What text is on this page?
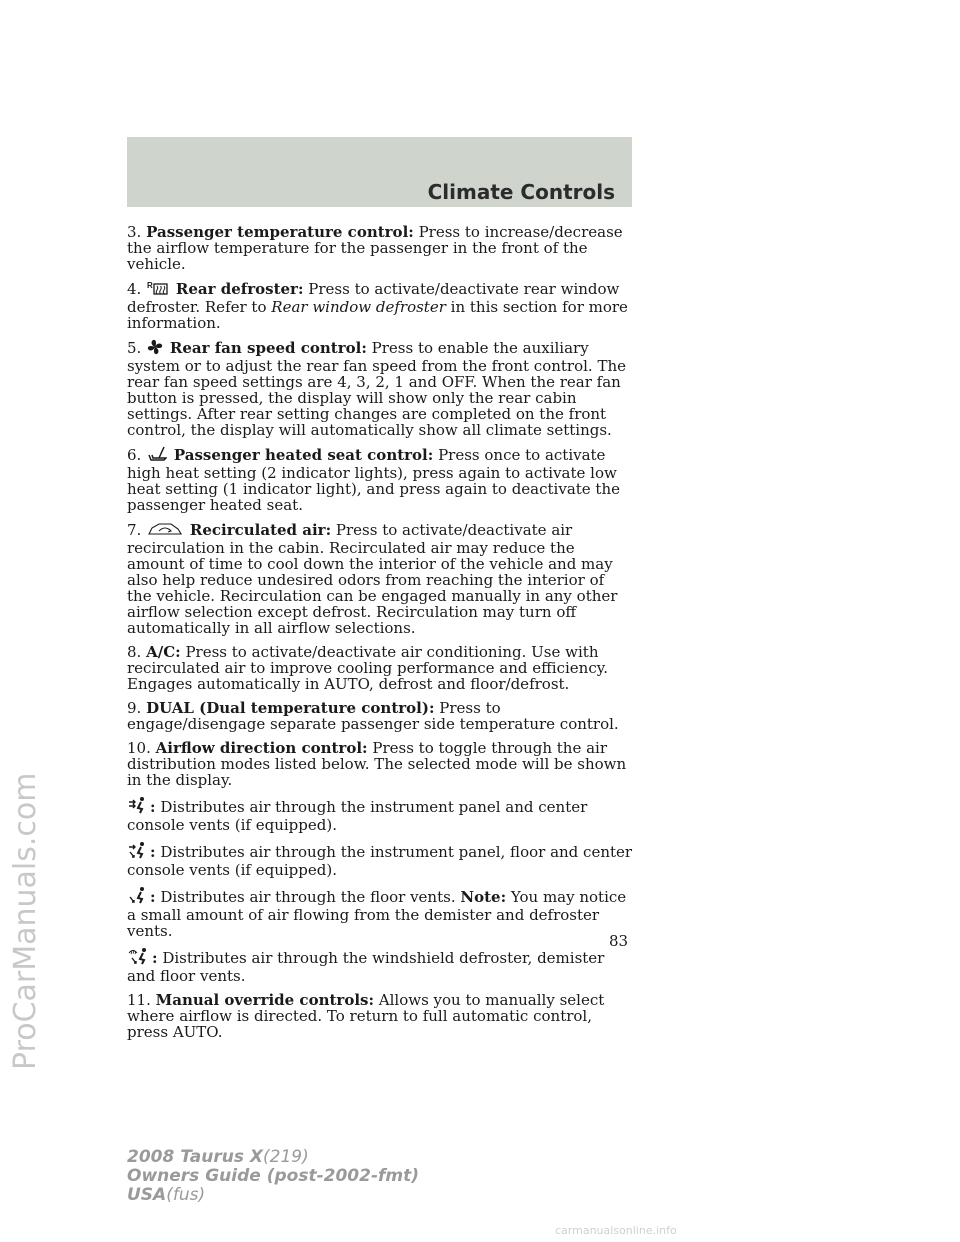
Climate Controls
ProCarManuals.com

3. Passenger temperature control: Press to increase/decrease the airflow temperature for the passenger in the front of the vehicle.

4. R Rear defroster: Press to activate/deactivate rear window defroster. Refer to Rear window defroster in this section for more information.

5. Rear fan speed control: Press to enable the auxiliary system or to adjust the rear fan speed from the front control. The rear fan speed settings are 4, 3, 2, 1 and OFF. When the rear fan button is pressed, the display will show only the rear cabin settings. After rear setting changes are completed on the front control, the display will automatically show all climate settings.

6. Passenger heated seat control: Press once to activate high heat setting (2 indicator lights), press again to activate low heat setting (1 indicator light), and press again to deactivate the passenger heated seat.

7.	Recirculated air: Press to activate/deactivate air recirculation in the cabin. Recirculated air may reduce the amount of time to cool down the interior of the vehicle and may also help reduce undesired odors from reaching the interior of the vehicle. Recirculation can be engaged manually in any other airflow selection except defrost. Recirculation may turn off automatically in all airflow selections.

8. A/C: Press to activate/deactivate air conditioning. Use with recirculated air to improve cooling performance and efficiency. Engages automatically in AUTO, defrost and floor/defrost.

9. DUAL (Dual temperature control): Press to engage/disengage separate passenger side temperature control.

10. Airflow direction control: Press to toggle through the air distribution modes listed below. The selected mode will be shown in the display.

: Distributes air through the instrument panel and center console vents (if equipped).

: Distributes air through the instrument panel, floor and center console vents (if equipped).

: Distributes air through the floor vents. Note: You may notice a small amount of air flowing from the demister and defroster vents.

: Distributes air through the windshield defroster, demister and floor vents.

11. Manual override controls: Allows you to manually select where airflow is directed. To return to full automatic control, press AUTO.

83
2008 Taurus X(219)
Owners Guide (post-2002-fmt)
USA(fus)
carmanualsonline.info
